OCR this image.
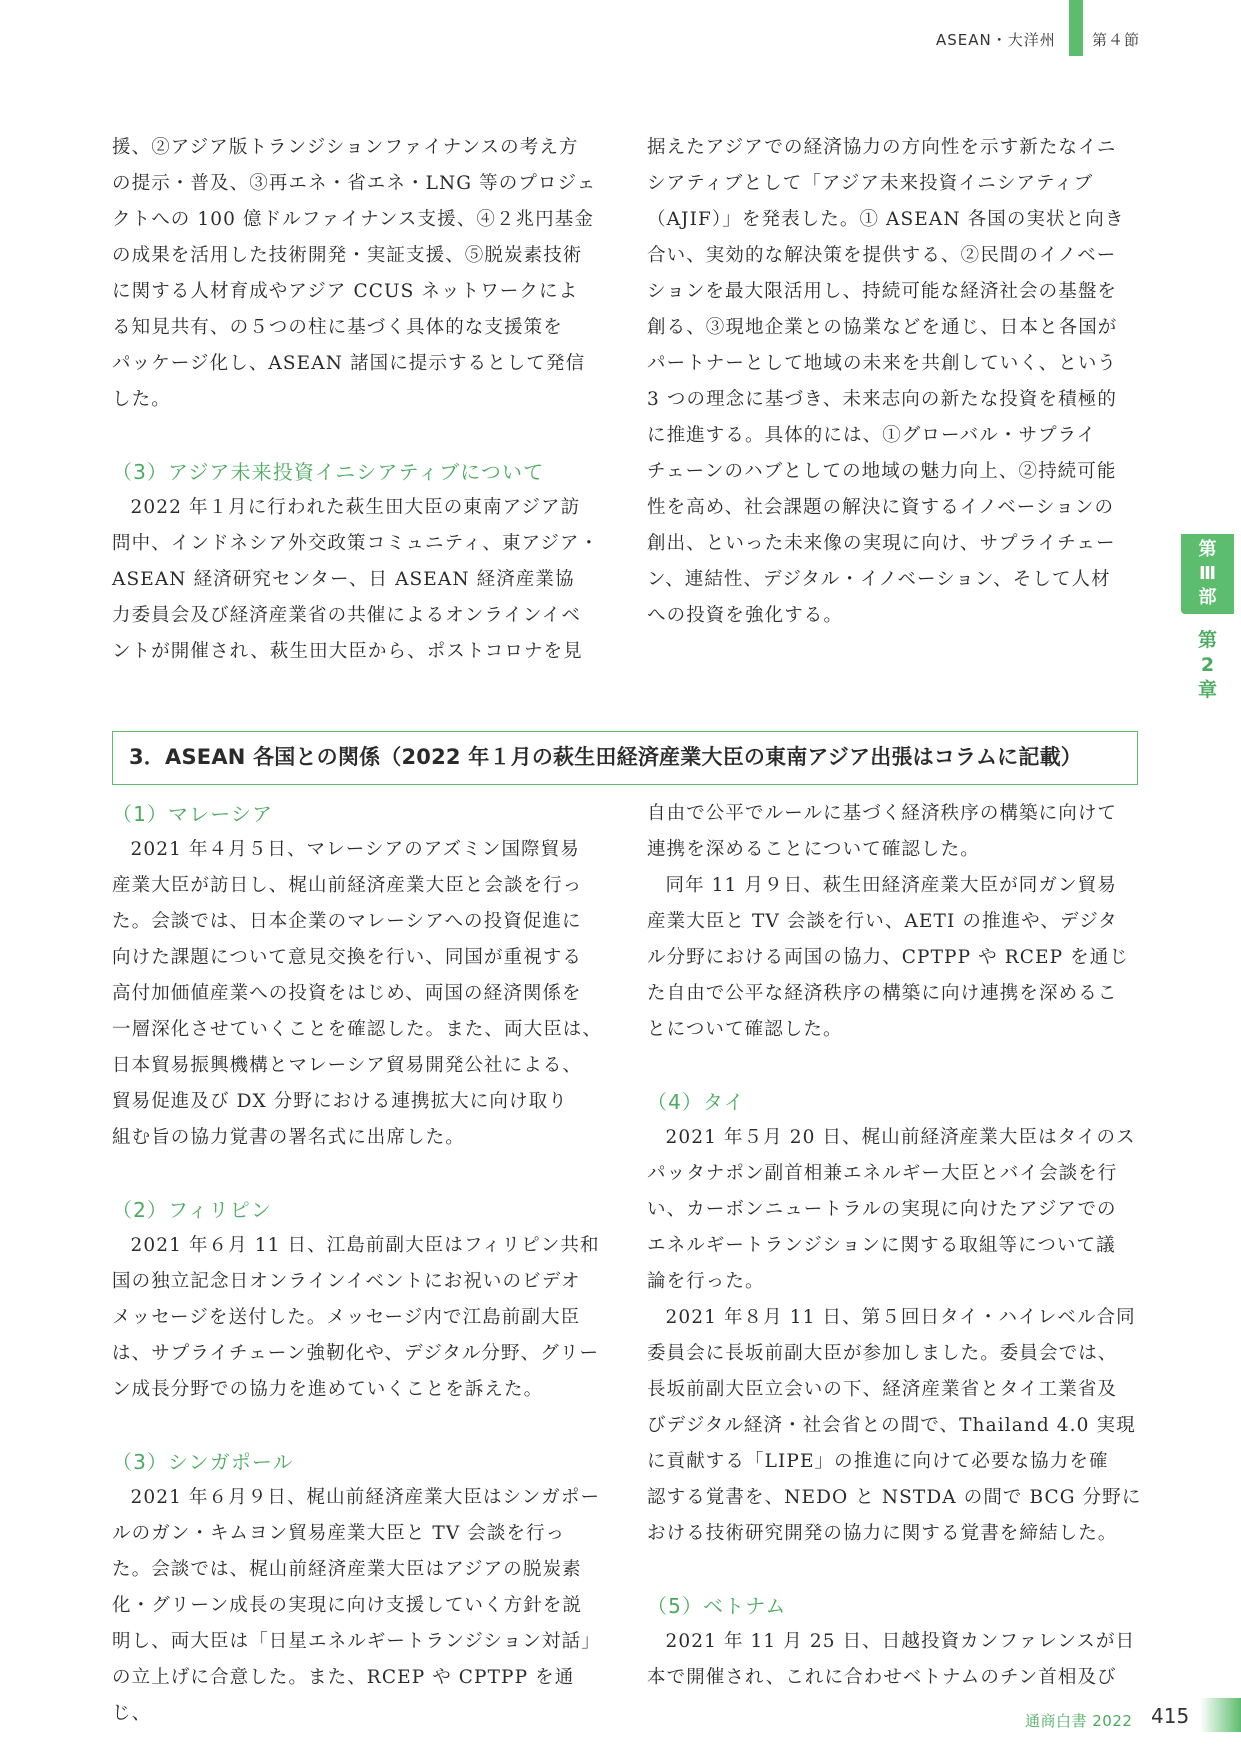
ASEAN・大洋州 第４節

援、②アジア版トランジションファイナンスの考え方

の提示・普及、③再エネ・省エネ・LNG 等のプロジェ

クトへの 100 億ドルファイナンス支援、④２兆円基金

の成果を活用した技術開発・実証支援、⑤脱炭素技術

に関する人材育成やアジア CCUS ネットワークによ

る知見共有、の５つの柱に基づく具体的な支援策を

パッケージ化し、ASEAN 諸国に提示するとして発信

した。

（3）アジア未来投資イニシアティブについて

2022 年１月に行われた萩生田大臣の東南アジア訪

問中、インドネシア外交政策コミュニティ、東アジア・

ASEAN 経済研究センター、日 ASEAN 経済産業協

力委員会及び経済産業省の共催によるオンラインイベ

ントが開催され、萩生田大臣から、ポストコロナを見

据えたアジアでの経済協力の方向性を示す新たなイニ

シアティブとして「アジア未来投資イニシアティブ

（AJIF）」を発表した。① ASEAN 各国の実状と向き

合い、実効的な解決策を提供する、②民間のイノベー

ションを最大限活用し、持続可能な経済社会の基盤を

創る、③現地企業との協業などを通じ、日本と各国が

パートナーとして地域の未来を共創していく、という

3 つの理念に基づき、未来志向の新たな投資を積極的

に推進する。具体的には、①グローバル・サプライ

チェーンのハブとしての地域の魅力向上、②持続可能

性を高め、社会課題の解決に資するイノベーションの

創出、といった未来像の実現に向け、サプライチェー

ン、連結性、デジタル・イノベーション、そして人材

への投資を強化する。

第
Ⅲ
部
第
2
章
3．ASEAN 各国との関係（2022 年１月の萩生田経済産業大臣の東南アジア出張はコラムに記載）

（1）マレーシア

2021 年４月５日、マレーシアのアズミン国際貿易

産業大臣が訪日し、梶山前経済産業大臣と会談を行っ

た。会談では、日本企業のマレーシアへの投資促進に

向けた課題について意見交換を行い、同国が重視する

高付加価値産業への投資をはじめ、両国の経済関係を

一層深化させていくことを確認した。また、両大臣は、

日本貿易振興機構とマレーシア貿易開発公社による、

貿易促進及び DX 分野における連携拡大に向け取り

組む旨の協力覚書の署名式に出席した。

（2）フィリピン

2021 年６月 11 日、江島前副大臣はフィリピン共和

国の独立記念日オンラインイベントにお祝いのビデオ

メッセージを送付した。メッセージ内で江島前副大臣

は、サプライチェーン強靭化や、デジタル分野、グリー

ン成長分野での協力を進めていくことを訴えた。

（3）シンガポール

2021 年６月９日、梶山前経済産業大臣はシンガポー

ルのガン・キムヨン貿易産業大臣と TV 会談を行っ

た。会談では、梶山前経済産業大臣はアジアの脱炭素

化・グリーン成長の実現に向け支援していく方針を説

明し、両大臣は「日星エネルギートランジション対話」

の立上げに合意した。また、RCEP や CPTPP を通じ、

自由で公平でルールに基づく経済秩序の構築に向けて

連携を深めることについて確認した。

同年 11 月９日、萩生田経済産業大臣が同ガン貿易

産業大臣と TV 会談を行い、AETI の推進や、デジタ

ル分野における両国の協力、CPTPP や RCEP を通じ

た自由で公平な経済秩序の構築に向け連携を深めるこ

とについて確認した。

（4）タイ

2021 年５月 20 日、梶山前経済産業大臣はタイのス

パッタナポン副首相兼エネルギー大臣とバイ会談を行

い、カーボンニュートラルの実現に向けたアジアでの

エネルギートランジションに関する取組等について議

論を行った。

2021 年８月 11 日、第５回日タイ・ハイレベル合同

委員会に長坂前副大臣が参加しました。委員会では、

長坂前副大臣立会いの下、経済産業省とタイ工業省及

びデジタル経済・社会省との間で、Thailand 4.0 実現

に貢献する「LIPE」の推進に向けて必要な協力を確

認する覚書を、NEDO と NSTDA の間で BCG 分野に

おける技術研究開発の協力に関する覚書を締結した。

（5）ベトナム

2021 年 11 月 25 日、日越投資カンファレンスが日

本で開催され、これに合わせベトナムのチン首相及び

通商白書 2022 415
